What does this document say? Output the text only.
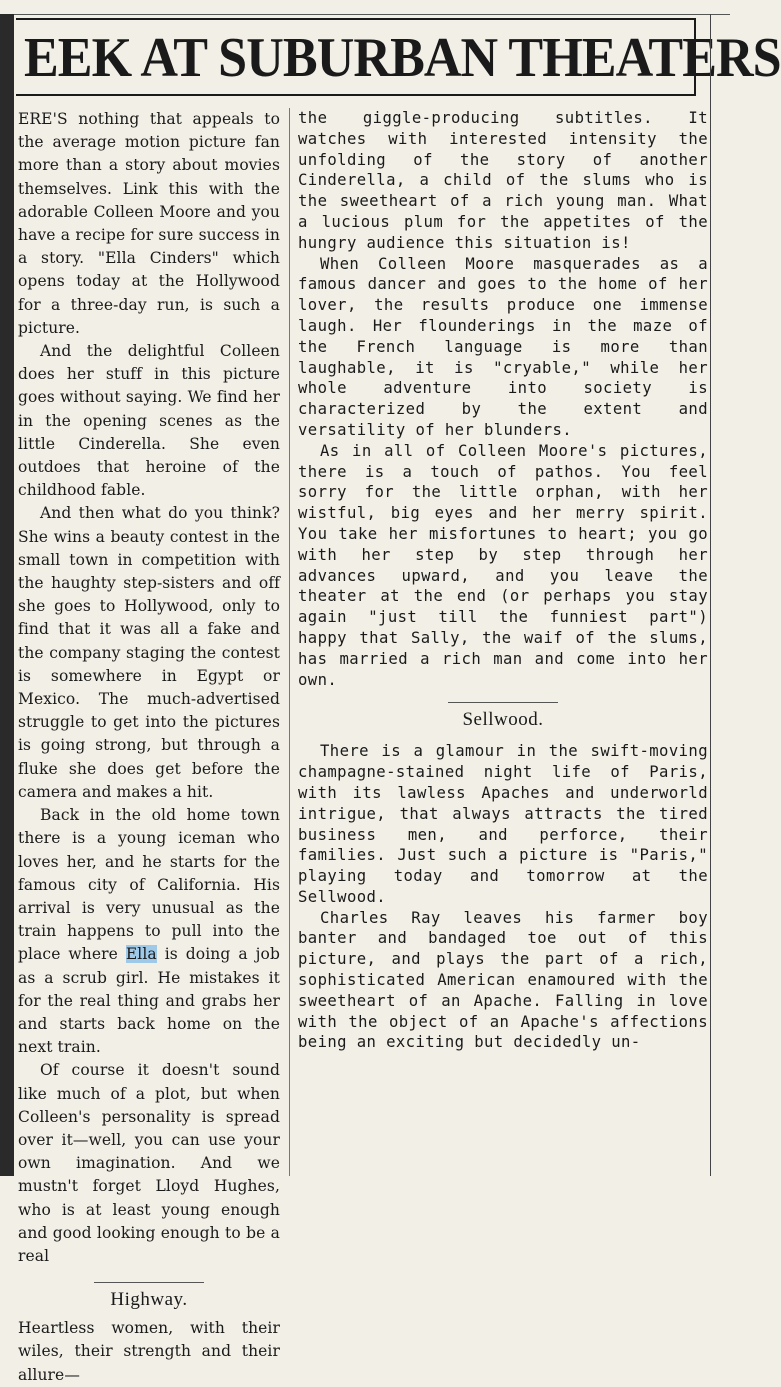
EEK AT SUBURBAN THEATERS

ERE'S nothing that appeals to the average motion picture fan more than a story about movies themselves. Link this with the adorable Colleen Moore and you have a recipe for sure success in a story. "Ella Cinders" which opens today at the Hollywood for a three-day run, is such a picture.

And the delightful Colleen does her stuff in this picture goes without saying. We find her in the opening scenes as the little Cinderella. She even outdoes that heroine of the childhood fable.

And then what do you think? She wins a beauty contest in the small town in competition with the haughty step-sisters and off she goes to Hollywood, only to find that it was all a fake and the company staging the contest is somewhere in Egypt or Mexico. The much-advertised struggle to get into the pictures is going strong, but through a fluke she does get before the camera and makes a hit.

Back in the old home town there is a young iceman who loves her, and he starts for the famous city of California. His arrival is very unusual as the train happens to pull into the place where Ella is doing a job as a scrub girl. He mistakes it for the real thing and grabs her and starts back home on the next train.

Of course it doesn't sound like much of a plot, but when Colleen's personality is spread over it—well, you can use your own imagination. And we mustn't forget Lloyd Hughes, who is at least young enough and good looking enough to be a real

Highway.

Heartless women, with their wiles, their strength and their allure—

the giggle-producing subtitles. It watches with interested intensity the unfolding of the story of another Cinderella, a child of the slums who is the sweetheart of a rich young man. What a lucious plum for the appetites of the hungry audience this situation is!

When Colleen Moore masquerades as a famous dancer and goes to the home of her lover, the results produce one immense laugh. Her flounderings in the maze of the French language is more than laughable, it is "cryable," while her whole adventure into society is characterized by the extent and versatility of her blunders.

As in all of Colleen Moore's pictures, there is a touch of pathos. You feel sorry for the little orphan, with her wistful, big eyes and her merry spirit. You take her misfortunes to heart; you go with her step by step through her advances upward, and you leave the theater at the end (or perhaps you stay again "just till the funniest part") happy that Sally, the waif of the slums, has married a rich man and come into her own.

Sellwood.

There is a glamour in the swift-moving champagne-stained night life of Paris, with its lawless Apaches and underworld intrigue, that always attracts the tired business men, and perforce, their families. Just such a picture is "Paris," playing today and tomorrow at the Sellwood.

Charles Ray leaves his farmer boy banter and bandaged toe out of this picture, and plays the part of a rich, sophisticated American enamoured with the sweetheart of an Apache. Falling in love with the object of an Apache's affections being an exciting but decidedly un-
